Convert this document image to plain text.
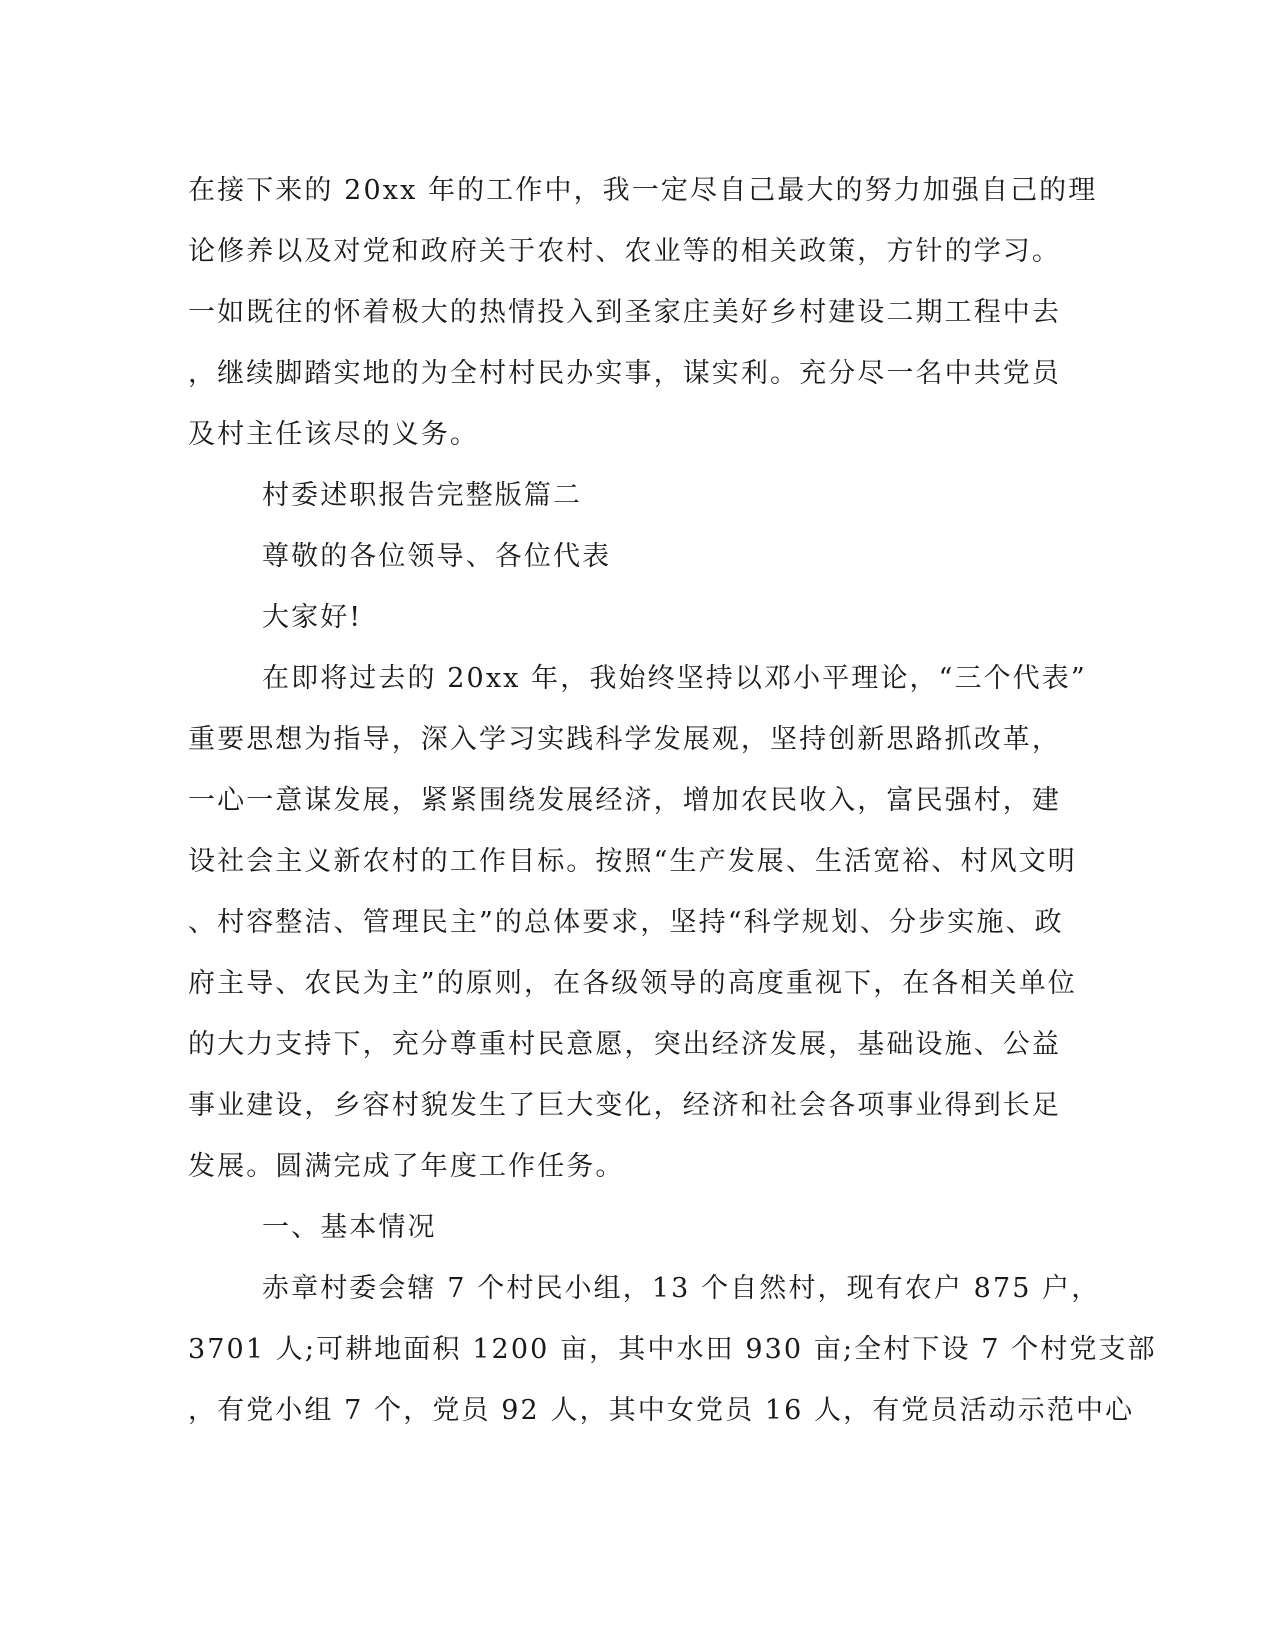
在接下来的 20xx 年的工作中，我一定尽自己最大的努力加强自己的理
论修养以及对党和政府关于农村、农业等的相关政策，方针的学习。
一如既往的怀着极大的热情投入到圣家庄美好乡村建设二期工程中去
，继续脚踏实地的为全村村民办实事，谋实利。充分尽一名中共党员
及村主任该尽的义务。
村委述职报告完整版篇二
尊敬的各位领导、各位代表
大家好!
在即将过去的 20xx 年，我始终坚持以邓小平理论，“三个代表”
重要思想为指导，深入学习实践科学发展观，坚持创新思路抓改革，
一心一意谋发展，紧紧围绕发展经济，增加农民收入，富民强村，建
设社会主义新农村的工作目标。按照“生产发展、生活宽裕、村风文明
、村容整洁、管理民主”的总体要求，坚持“科学规划、分步实施、政
府主导、农民为主”的原则，在各级领导的高度重视下，在各相关单位
的大力支持下，充分尊重村民意愿，突出经济发展，基础设施、公益
事业建设，乡容村貌发生了巨大变化，经济和社会各项事业得到长足
发展。圆满完成了年度工作任务。
一、基本情况
赤章村委会辖 7 个村民小组，13 个自然村，现有农户 875 户，
3701 人;可耕地面积 1200 亩，其中水田 930 亩;全村下设 7 个村党支部
，有党小组 7 个，党员 92 人，其中女党员 16 人，有党员活动示范中心
